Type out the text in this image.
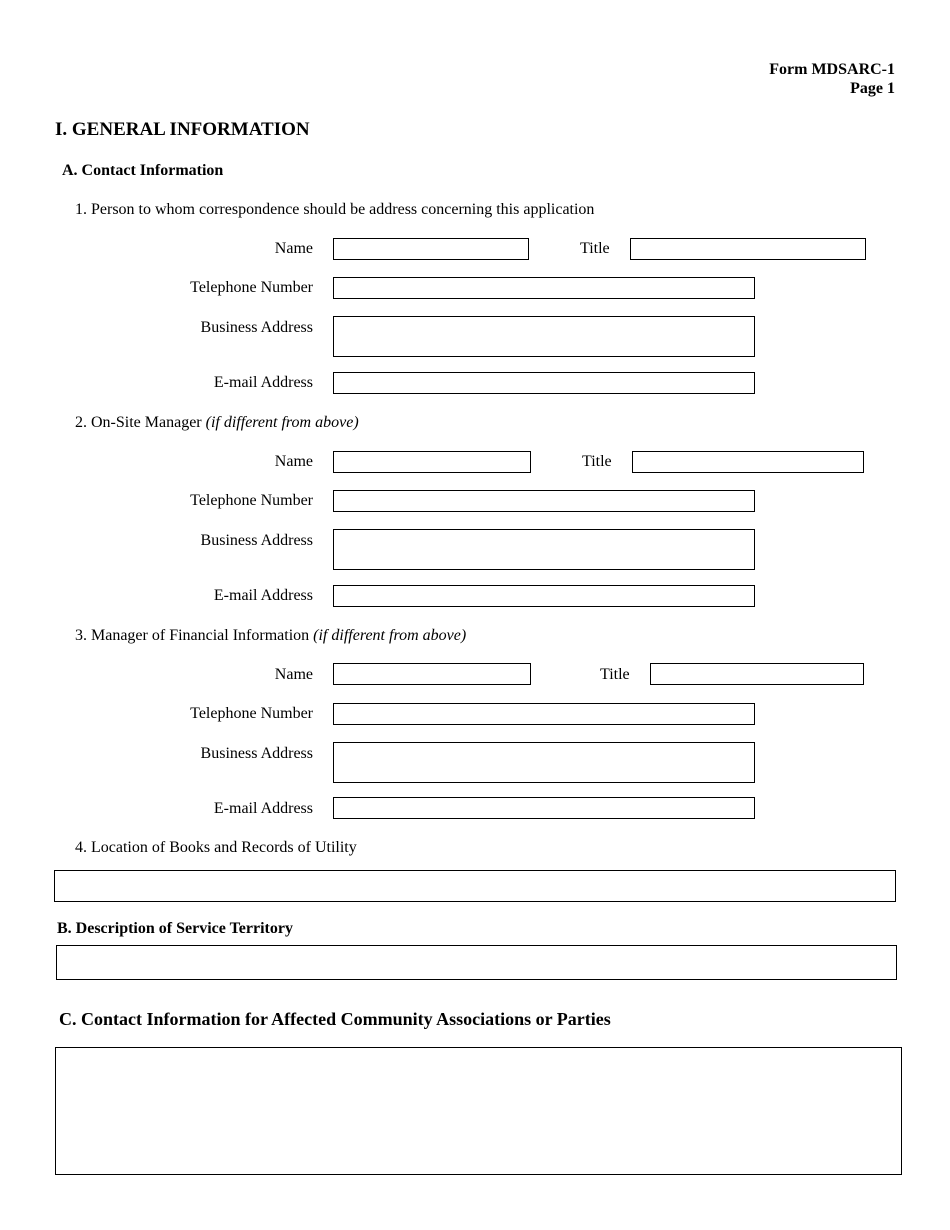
Form MDSARC-1
Page 1
I. GENERAL INFORMATION
A. Contact Information
1. Person to whom correspondence should be address concerning this application
Name	Title
Telephone Number
Business Address
E-mail Address
2. On-Site Manager (if different from above)
Name	Title
Telephone Number
Business Address
E-mail Address
3. Manager of Financial Information (if different from above)
Name	Title
Telephone Number
Business Address
E-mail Address
4. Location of Books and Records of Utility
B. Description of Service Territory
C. Contact Information for Affected Community Associations or Parties
